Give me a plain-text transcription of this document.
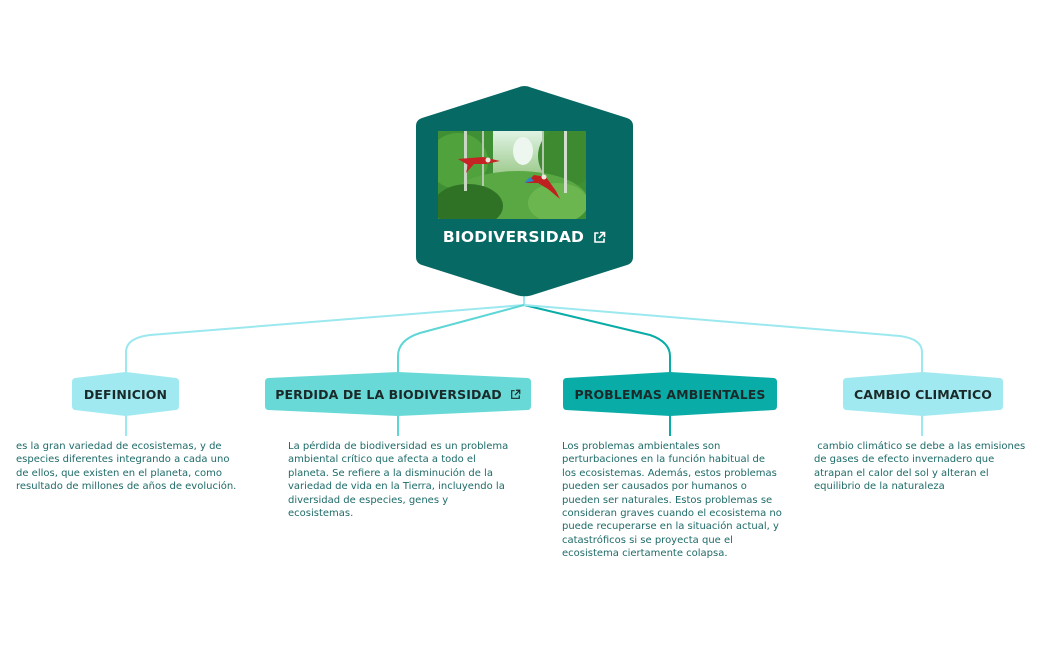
BIODIVERSIDAD
DEFINICION	PERDIDA DE LA BIODIVERSIDAD	PROBLEMAS AMBIENTALES	CAMBIO CLIMATICO
es la gran variedad de ecosistemas, y de especies diferentes integrando a cada uno de ellos, que existen en el planeta, como resultado de millones de años de evolución.
La pérdida de biodiversidad es un problema ambiental crítico que afecta a todo el planeta. Se refiere a la disminución de la variedad de vida en la Tierra, incluyendo la diversidad de especies, genes y ecosistemas.
Los problemas ambientales son perturbaciones en la función habitual de los ecosistemas. Además, estos problemas pueden ser causados por humanos o pueden ser naturales. Estos problemas se consideran graves cuando el ecosistema no puede recuperarse en la situación actual, y catastróficos si se proyecta que el ecosistema ciertamente colapsa.
cambio climático se debe a las emisiones de gases de efecto invernadero que atrapan el calor del sol y alteran el equilibrio de la naturaleza
